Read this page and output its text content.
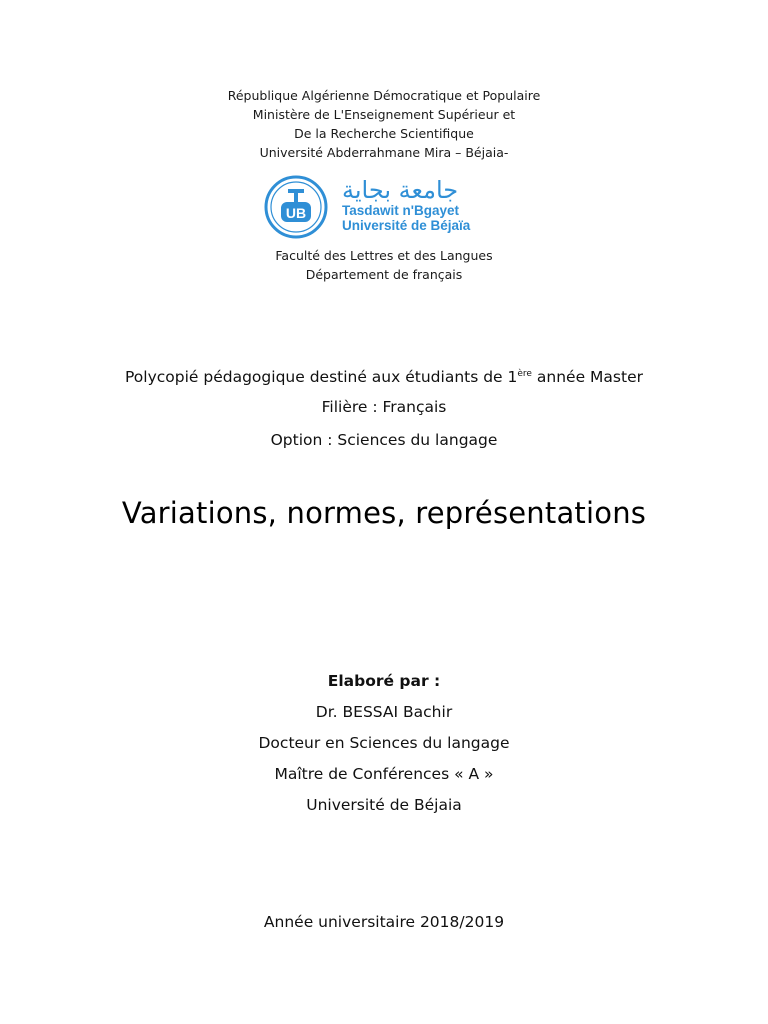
République Algérienne Démocratique et Populaire
Ministère de L'Enseignement Supérieur et
De la Recherche Scientifique
Université Abderrahmane Mira – Béjaia-
UB
جامعة بجاية
Tasdawit n'Bgayet
Université de Béjaïa
Faculté des Lettres et des Langues
Département de français
Polycopié pédagogique destiné aux étudiants de 1ère année Master
Filière : Français
Option : Sciences du langage
Variations, normes, représentations
Elaboré par :
Dr. BESSAI Bachir
Docteur en Sciences du langage
Maître de Conférences « A »
Université de Béjaia
Année universitaire 2018/2019
